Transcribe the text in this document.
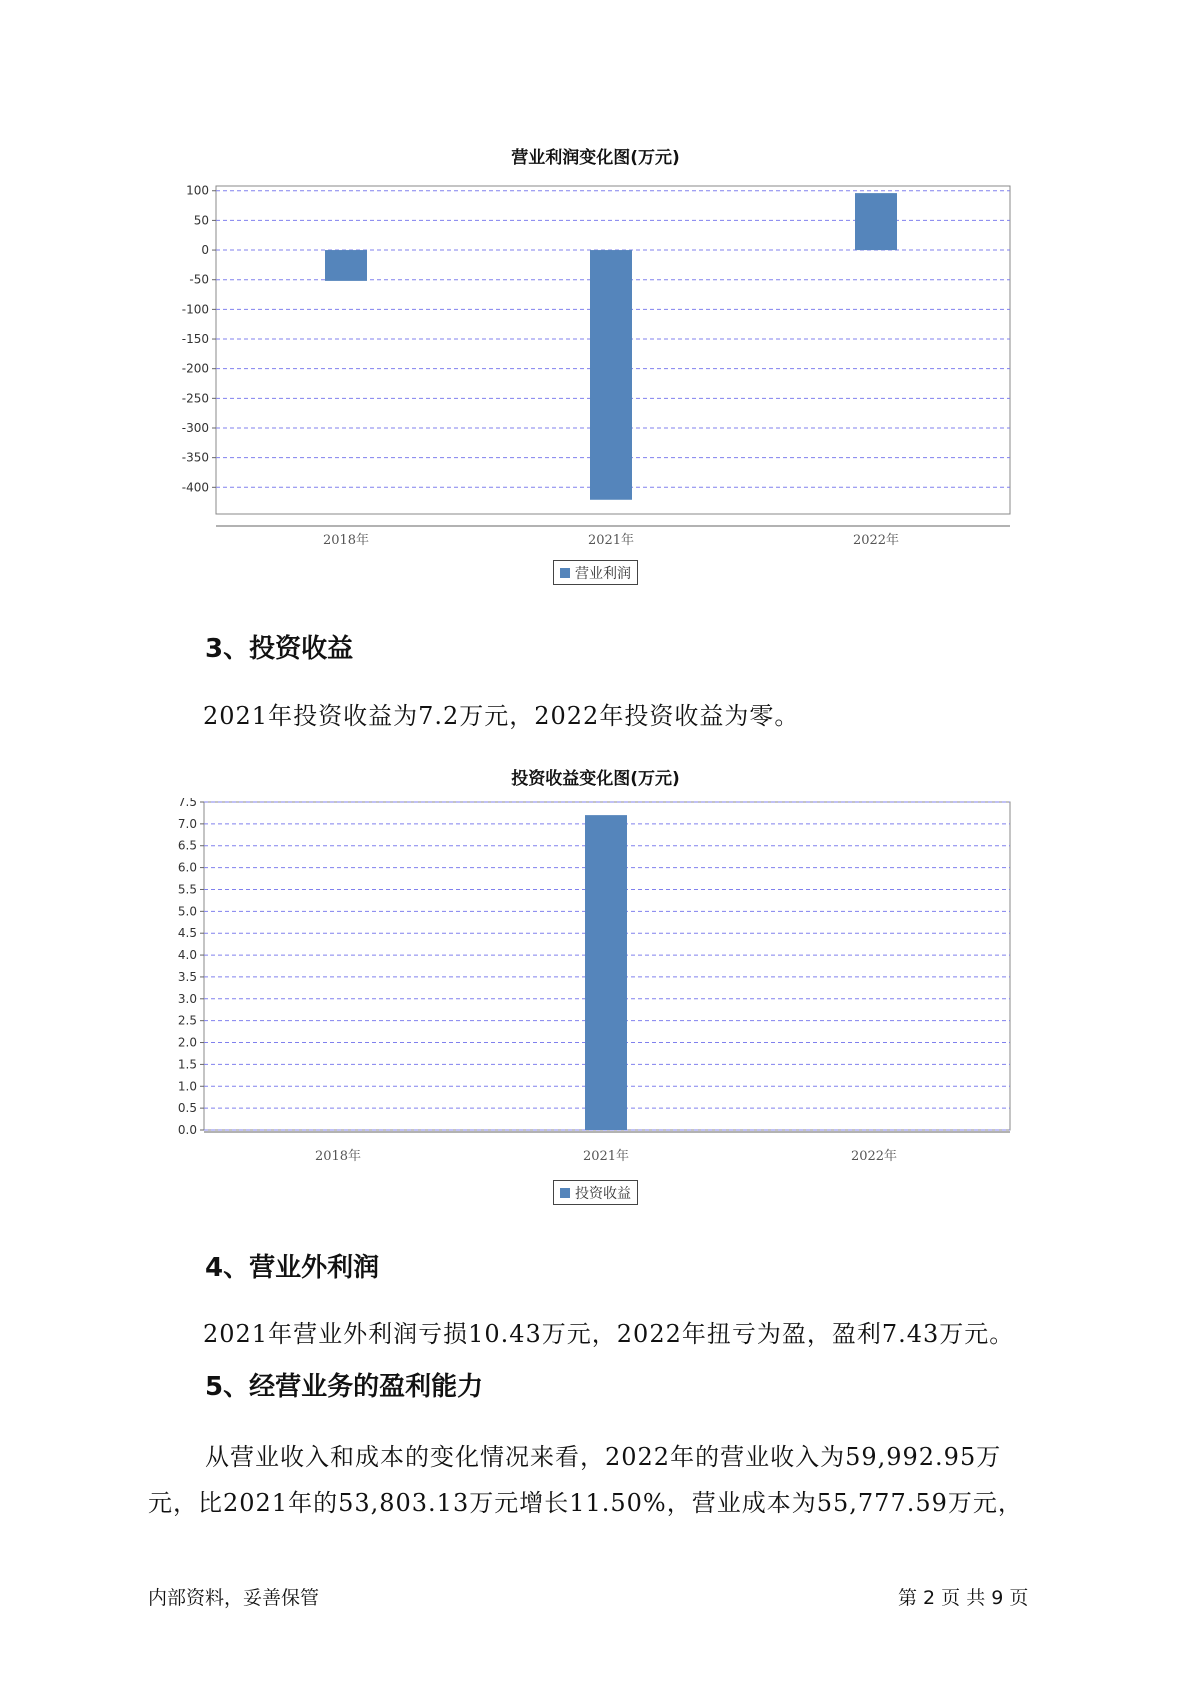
营业利润变化图(万元)
100
50
0
-50
-100
-150
-200
-250
-300
-350
-400
2018年	2021年	2022年
营业利润
3、投资收益
2021年投资收益为7.2万元，2022年投资收益为零。
投资收益变化图(万元)
7.5
7.0
6.5
6.0
5.5
5.0
4.5
4.0
3.5
3.0
2.5
2.0
1.5
1.0
0.5
0.0
2018年	2021年	2022年
投资收益
4、营业外利润
2021年营业外利润亏损10.43万元，2022年扭亏为盈，盈利7.43万元。
5、经营业务的盈利能力
从营业收入和成本的变化情况来看，2022年的营业收入为59,992.95万
元，比2021年的53,803.13万元增长11.50%，营业成本为55,777.59万元，
内部资料，妥善保管	第 2 页 共 9 页
